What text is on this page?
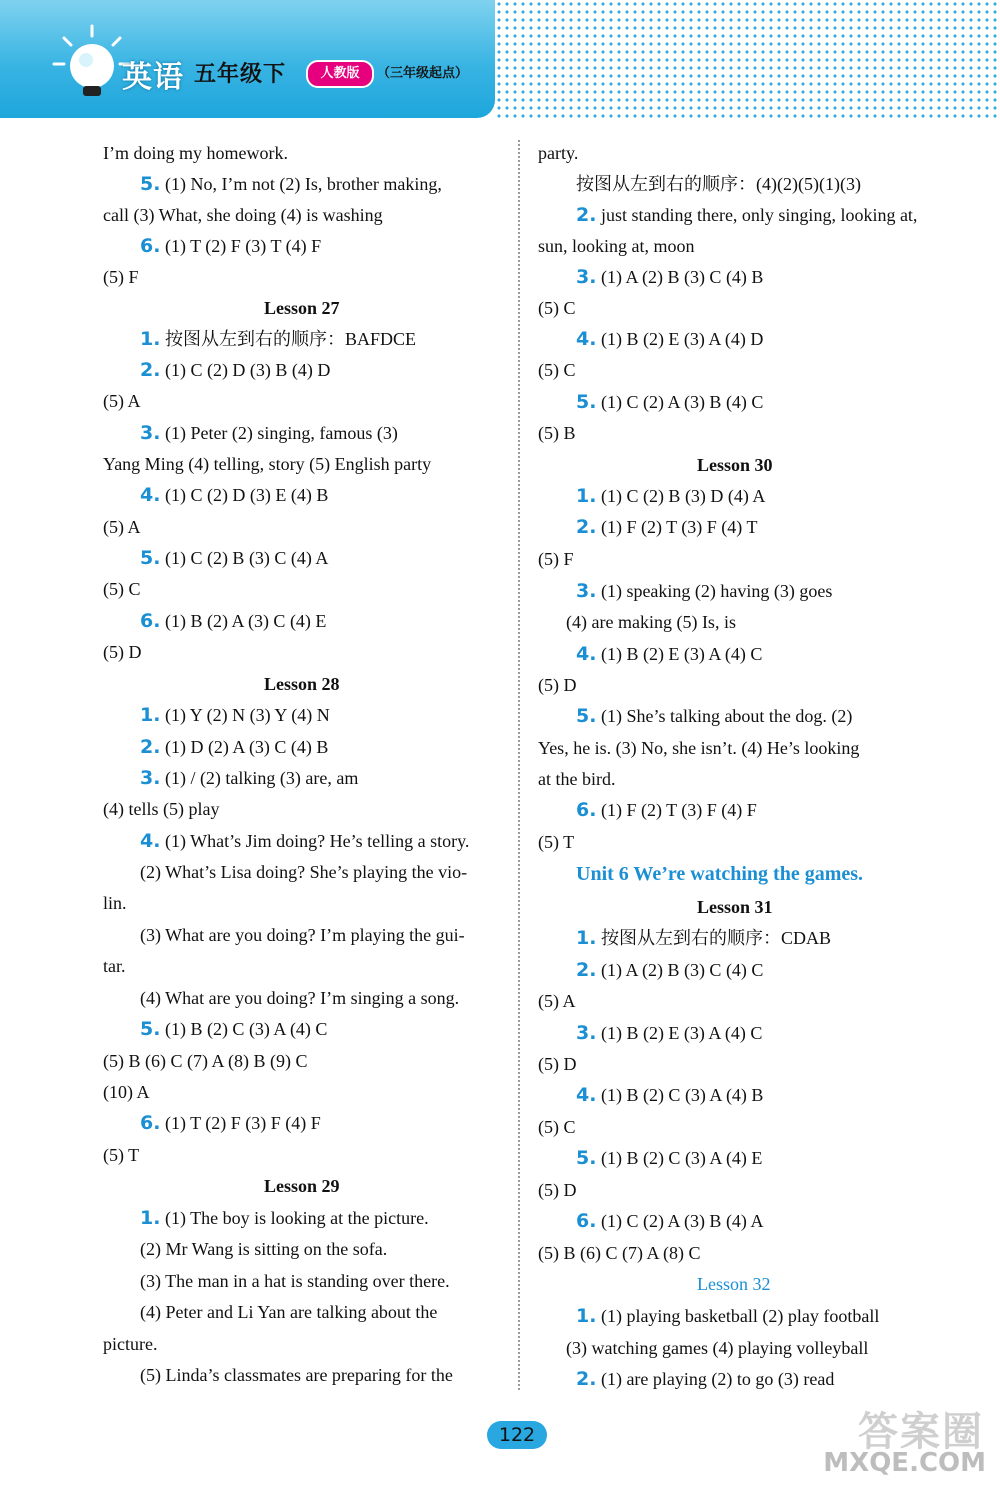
英语 五年级下	人教版	（三年级起点）
I’m doing my homework.
5. (1) No, I’m not (2) Is, brother making,
call (3) What, she doing (4) is washing
6. (1) T (2) F (3) T (4) F
(5) F
Lesson 27
1. 按图从左到右的顺序：BAFDCE
2. (1) C (2) D (3) B (4) D
(5) A
3. (1) Peter (2) singing, famous (3)
Yang Ming (4) telling, story (5) English party
4. (1) C (2) D (3) E (4) B
(5) A
5. (1) C (2) B (3) C (4) A
(5) C
6. (1) B (2) A (3) C (4) E
(5) D
Lesson 28
1. (1) Y (2) N (3) Y (4) N
2. (1) D (2) A (3) C (4) B
3. (1) / (2) talking (3) are, am
(4) tells (5) play
4. (1) What’s Jim doing? He’s telling a story.
(2) What’s Lisa doing? She’s playing the vio-
lin.
(3) What are you doing? I’m playing the gui-
tar.
(4) What are you doing? I’m singing a song.
5. (1) B (2) C (3) A (4) C
(5) B (6) C (7) A (8) B (9) C
(10) A
6. (1) T (2) F (3) F (4) F
(5) T
Lesson 29
1. (1) The boy is looking at the picture.
(2) Mr Wang is sitting on the sofa.
(3) The man in a hat is standing over there.
(4) Peter and Li Yan are talking about the
picture.
(5) Linda’s classmates are preparing for the
party.
按图从左到右的顺序：(4)(2)(5)(1)(3)
2. just standing there, only singing, looking at,
sun, looking at, moon
3. (1) A (2) B (3) C (4) B
(5) C
4. (1) B (2) E (3) A (4) D
(5) C
5. (1) C (2) A (3) B (4) C
(5) B
Lesson 30
1. (1) C (2) B (3) D (4) A
2. (1) F (2) T (3) F (4) T
(5) F
3. (1) speaking (2) having (3) goes
(4) are making (5) Is, is
4. (1) B (2) E (3) A (4) C
(5) D
5. (1) She’s talking about the dog. (2)
Yes, he is. (3) No, she isn’t. (4) He’s looking
at the bird.
6. (1) F (2) T (3) F (4) F
(5) T
Unit 6 We’re watching the games.
Lesson 31
1. 按图从左到右的顺序：CDAB
2. (1) A (2) B (3) C (4) C
(5) A
3. (1) B (2) E (3) A (4) C
(5) D
4. (1) B (2) C (3) A (4) B
(5) C
5. (1) B (2) C (3) A (4) E
(5) D
6. (1) C (2) A (3) B (4) A
(5) B (6) C (7) A (8) C
Lesson 32
1. (1) playing basketball (2) play football
(3) watching games (4) playing volleyball
2. (1) are playing (2) to go (3) read
122	答案圈
MXQE.COM
